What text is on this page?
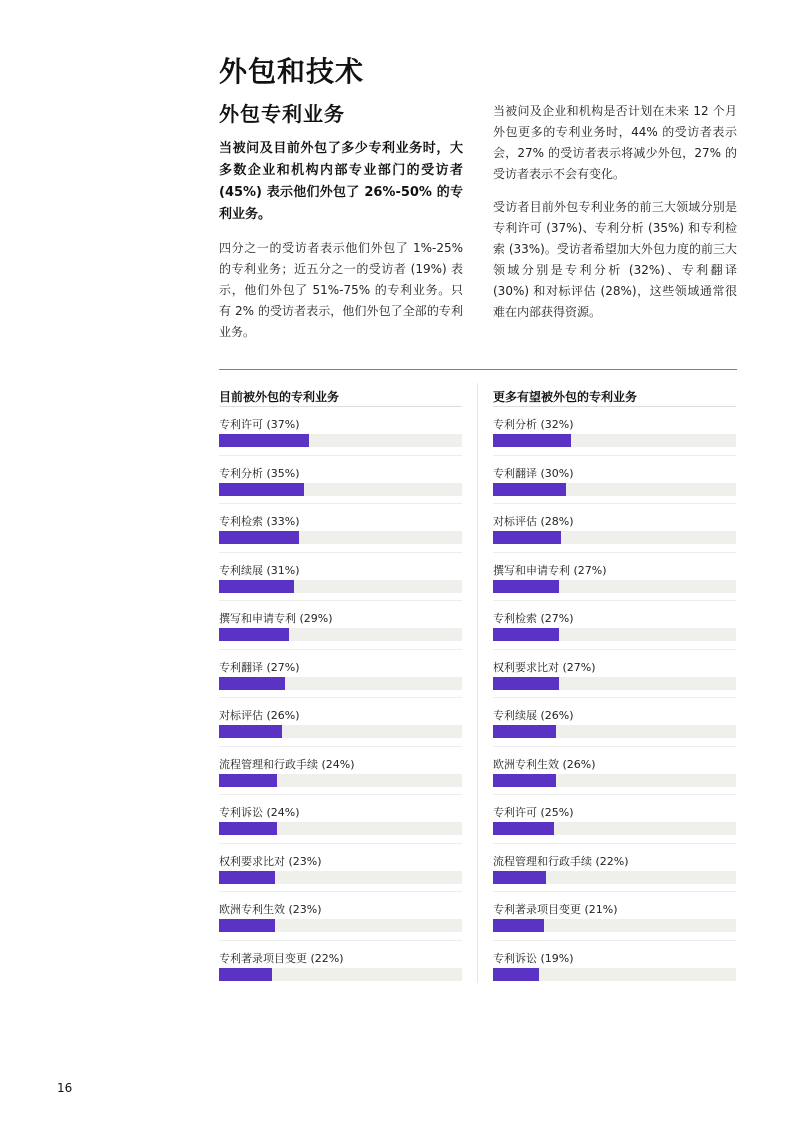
外包和技术
外包专利业务

当被问及目前外包了多少专利业务时，大多数企业和机构内部专业部门的受访者 (45%) 表示他们外包了 26%-50% 的专利业务。

四分之一的受访者表示他们外包了 1%-25% 的专利业务；近五分之一的受访者 (19%) 表示，他们外包了 51%-75% 的专利业务。只有 2% 的受访者表示，他们外包了全部的专利业务。

当被问及企业和机构是否计划在未来 12 个月外包更多的专利业务时，44% 的受访者表示会，27% 的受访者表示将减少外包，27% 的受访者表示不会有变化。

受访者目前外包专利业务的前三大领域分别是专利许可 (37%)、专利分析 (35%) 和专利检索 (33%)。受访者希望加大外包力度的前三大领域分别是专利分析 (32%)、专利翻译 (30%) 和对标评估 (28%)，这些领域通常很难在内部获得资源。

目前被外包的专利业务
专利许可 (37%)
专利分析 (35%)
专利检索 (33%)
专利续展 (31%)
撰写和申请专利 (29%)
专利翻译 (27%)
对标评估 (26%)
流程管理和行政手续 (24%)
专利诉讼 (24%)
权利要求比对 (23%)
欧洲专利生效 (23%)
专利著录项目变更 (22%)
更多有望被外包的专利业务
专利分析 (32%)
专利翻译 (30%)
对标评估 (28%)
撰写和申请专利 (27%)
专利检索 (27%)
权利要求比对 (27%)
专利续展 (26%)
欧洲专利生效 (26%)
专利许可 (25%)
流程管理和行政手续 (22%)
专利著录项目变更 (21%)
专利诉讼 (19%)
16
